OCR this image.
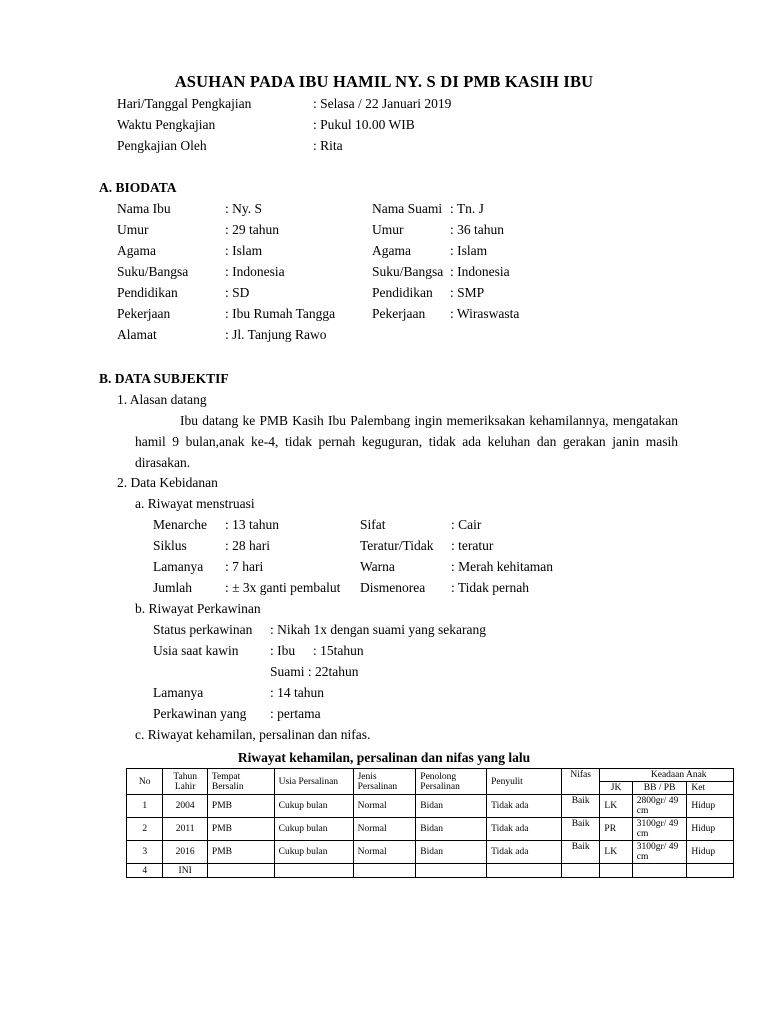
ASUHAN PADA IBU HAMIL NY. S DI PMB KASIH IBU
Hari/Tanggal Pengkajian	: Selasa / 22 Januari 2019
Waktu Pengkajian	: Pukul 10.00 WIB
Pengkajian Oleh	: Rita
A. BIODATA
Nama Ibu	: Ny. S	Nama Suami : Tn. J
Umur	: 29 tahun	Umur	: 36 tahun
Agama	: Islam	Agama	: Islam
Suku/Bangsa	: Indonesia	Suku/Bangsa : Indonesia
Pendidikan	: SD	Pendidikan : SMP
Pekerjaan	: Ibu Rumah Tangga	Pekerjaan : Wiraswasta
Alamat	: Jl. Tanjung Rawo
B. DATA SUBJEKTIF
1. Alasan datang
Ibu datang ke PMB Kasih Ibu Palembang ingin memeriksakan kehamilannya, mengatakan hamil 9 bulan,anak ke-4, tidak pernah keguguran, tidak ada keluhan dan gerakan janin masih dirasakan.
2. Data Kebidanan
a. Riwayat menstruasi
Menarche : 13 tahun	Sifat	: Cair
Siklus	: 28 hari	Teratur/Tidak : teratur
Lamanya : 7 hari	Warna	: Merah kehitaman
Jumlah : ± 3x ganti pembalut Dismenorea : Tidak pernah
b. Riwayat Perkawinan
Status perkawinan : Nikah 1x dengan suami yang sekarang
Usia saat kawin : Ibu : 15tahun
Suami : 22tahun
Lamanya	: 14 tahun
Perkawinan yang : pertama
c. Riwayat kehamilan, persalinan dan nifas.
Riwayat kehamilan, persalinan dan nifas yang lalu
No	Tahun Lahir	Tempat Bersalin	Usia Persalinan	Jenis Persalinan	Penolong Persalinan	Penyulit	Nifas	Keadaan Anak		
								JK	BB / PB	Ket
1	2004	PMB	Cukup bulan	Normal	Bidan	Tidak ada	Baik	LK	2800gr/ 49 cm	Hidup
2	2011	PMB	Cukup bulan	Normal	Bidan	Tidak ada	Baik	PR	3100gr/ 49 cm	Hidup
3	2016	PMB	Cukup bulan	Normal	Bidan	Tidak ada	Baik	LK	3100gr/ 49 cm	Hidup
4	INI									
